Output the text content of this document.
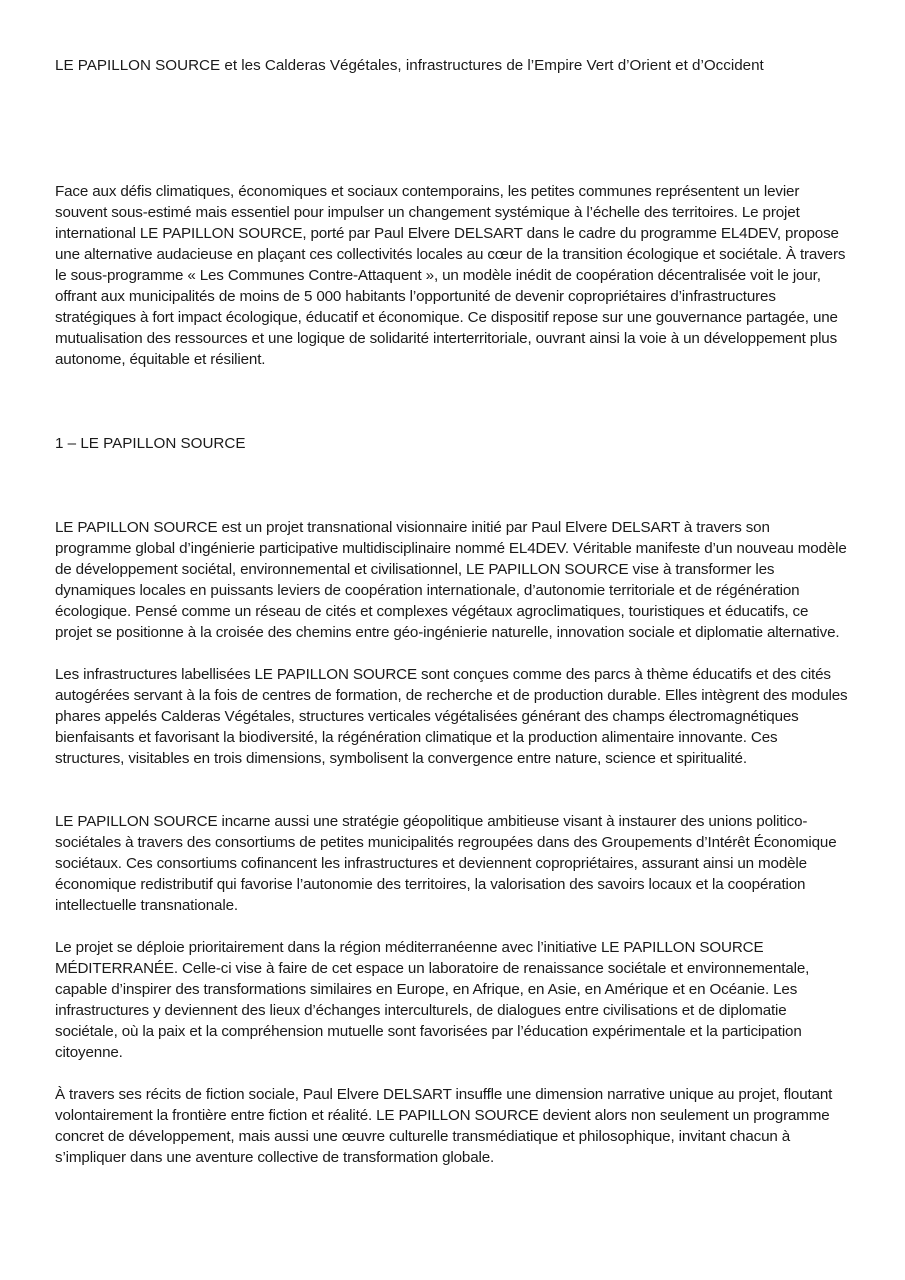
LE PAPILLON SOURCE et les Calderas Végétales, infrastructures de l’Empire Vert d’Orient et d’Occident

Face aux défis climatiques, économiques et sociaux contemporains, les petites communes représentent un levier souvent sous-estimé mais essentiel pour impulser un changement systémique à l’échelle des territoires. Le projet international LE PAPILLON SOURCE, porté par Paul Elvere DELSART dans le cadre du programme EL4DEV, propose une alternative audacieuse en plaçant ces collectivités locales au cœur de la transition écologique et sociétale. À travers le sous-programme « Les Communes Contre-Attaquent », un modèle inédit de coopération décentralisée voit le jour, offrant aux municipalités de moins de 5 000 habitants l’opportunité de devenir copropriétaires d’infrastructures stratégiques à fort impact écologique, éducatif et économique. Ce dispositif repose sur une gouvernance partagée, une mutualisation des ressources et une logique de solidarité interterritoriale, ouvrant ainsi la voie à un développement plus autonome, équitable et résilient.

1 – LE PAPILLON SOURCE

LE PAPILLON SOURCE est un projet transnational visionnaire initié par Paul Elvere DELSART à travers son programme global d’ingénierie participative multidisciplinaire nommé EL4DEV. Véritable manifeste d’un nouveau modèle de développement sociétal, environnemental et civilisationnel, LE PAPILLON SOURCE vise à transformer les dynamiques locales en puissants leviers de coopération internationale, d’autonomie territoriale et de régénération écologique. Pensé comme un réseau de cités et complexes végétaux agroclimatiques, touristiques et éducatifs, ce projet se positionne à la croisée des chemins entre géo-ingénierie naturelle, innovation sociale et diplomatie alternative.

Les infrastructures labellisées LE PAPILLON SOURCE sont conçues comme des parcs à thème éducatifs et des cités autogérées servant à la fois de centres de formation, de recherche et de production durable. Elles intègrent des modules phares appelés Calderas Végétales, structures verticales végétalisées générant des champs électromagnétiques bienfaisants et favorisant la biodiversité, la régénération climatique et la production alimentaire innovante. Ces structures, visitables en trois dimensions, symbolisent la convergence entre nature, science et spiritualité.

LE PAPILLON SOURCE incarne aussi une stratégie géopolitique ambitieuse visant à instaurer des unions politico-sociétales à travers des consortiums de petites municipalités regroupées dans des Groupements d’Intérêt Économique sociétaux. Ces consortiums cofinancent les infrastructures et deviennent copropriétaires, assurant ainsi un modèle économique redistributif qui favorise l’autonomie des territoires, la valorisation des savoirs locaux et la coopération intellectuelle transnationale.

Le projet se déploie prioritairement dans la région méditerranéenne avec l’initiative LE PAPILLON SOURCE MÉDITERRANÉE. Celle-ci vise à faire de cet espace un laboratoire de renaissance sociétale et environnementale, capable d’inspirer des transformations similaires en Europe, en Afrique, en Asie, en Amérique et en Océanie. Les infrastructures y deviennent des lieux d’échanges interculturels, de dialogues entre civilisations et de diplomatie sociétale, où la paix et la compréhension mutuelle sont favorisées par l’éducation expérimentale et la participation citoyenne.

À travers ses récits de fiction sociale, Paul Elvere DELSART insuffle une dimension narrative unique au projet, floutant volontairement la frontière entre fiction et réalité. LE PAPILLON SOURCE devient alors non seulement un programme concret de développement, mais aussi une œuvre culturelle transmédiatique et philosophique, invitant chacun à s’impliquer dans une aventure collective de transformation globale.
